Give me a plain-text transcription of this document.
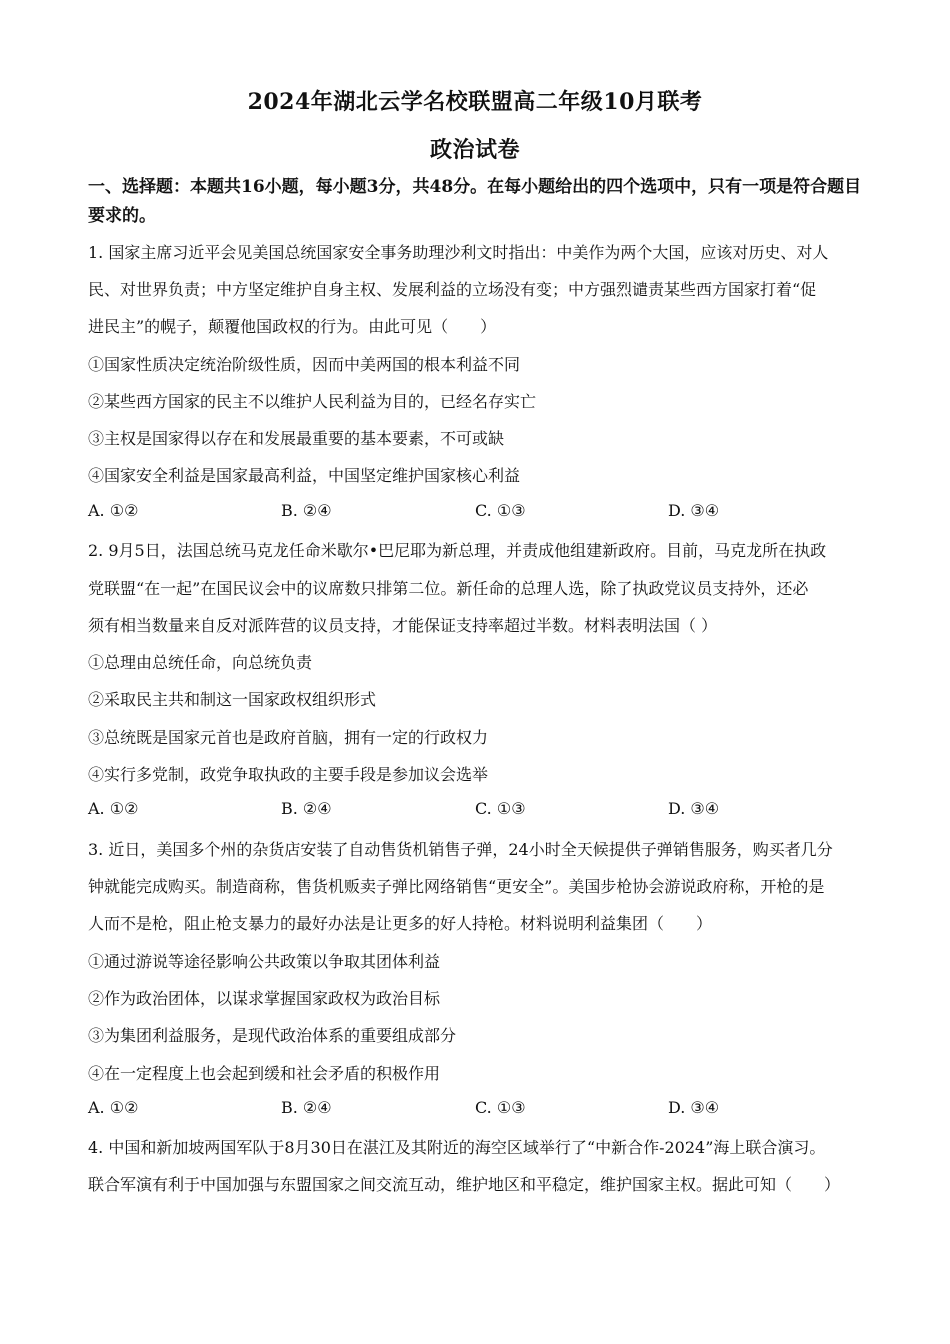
2024年湖北云学名校联盟高二年级10月联考
政治试卷
一、选择题：本题共16小题，每小题3分，共48分。在每小题给出的四个选项中，只有一项是符合题目要求的。
1. 国家主席习近平会见美国总统国家安全事务助理沙利文时指出：中美作为两个大国，应该对历史、对人
民、对世界负责；中方坚定维护自身主权、发展利益的立场没有变；中方强烈谴责某些西方国家打着“促
进民主”的幌子，颠覆他国政权的行为。由此可见（　　）
①国家性质决定统治阶级性质，因而中美两国的根本利益不同
②某些西方国家的民主不以维护人民利益为目的，已经名存实亡
③主权是国家得以存在和发展最重要的基本要素，不可或缺
④国家安全利益是国家最高利益，中国坚定维护国家核心利益
A. ①②	B. ②④	C. ①③	D. ③④
2. 9月5日，法国总统马克龙任命米歇尔•巴尼耶为新总理，并责成他组建新政府。目前，马克龙所在执政
党联盟“在一起”在国民议会中的议席数只排第二位。新任命的总理人选，除了执政党议员支持外，还必
须有相当数量来自反对派阵营的议员支持，才能保证支持率超过半数。材料表明法国（ ）
①总理由总统任命，向总统负责
②采取民主共和制这一国家政权组织形式
③总统既是国家元首也是政府首脑，拥有一定的行政权力
④实行多党制，政党争取执政的主要手段是参加议会选举
A. ①②	B. ②④	C. ①③	D. ③④
3. 近日，美国多个州的杂货店安装了自动售货机销售子弹，24小时全天候提供子弹销售服务，购买者几分
钟就能完成购买。制造商称，售货机贩卖子弹比网络销售“更安全”。美国步枪协会游说政府称，开枪的是
人而不是枪，阻止枪支暴力的最好办法是让更多的好人持枪。材料说明利益集团（　　）
①通过游说等途径影响公共政策以争取其团体利益
②作为政治团体，以谋求掌握国家政权为政治目标
③为集团利益服务，是现代政治体系的重要组成部分
④在一定程度上也会起到缓和社会矛盾的积极作用
A. ①②	B. ②④	C. ①③	D. ③④
4. 中国和新加坡两国军队于8月30日在湛江及其附近的海空区域举行了“中新合作-2024”海上联合演习。
联合军演有利于中国加强与东盟国家之间交流互动，维护地区和平稳定，维护国家主权。据此可知（　　）
